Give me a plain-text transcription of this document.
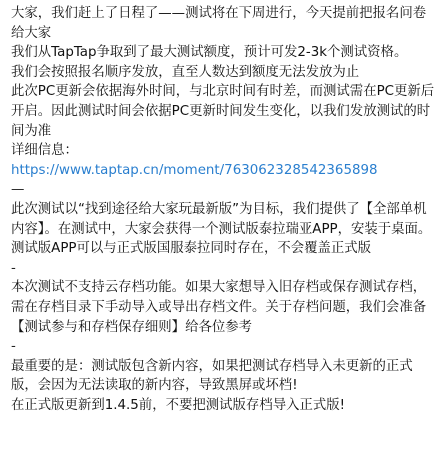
大家，我们赶上了日程了——测试将在下周进行，今天提前把报名问卷给大家

我们从TapTap争取到了最大测试额度，预计可发2-3k个测试资格。

我们会按照报名顺序发放，直至人数达到额度无法发放为止

此次PC更新会依据海外时间，与北京时间有时差，而测试需在PC更新后开启。因此测试时间会依据PC更新时间发生变化，以我们发放测试的时间为准

详细信息：

https://www.taptap.cn/moment/763062328542365898

—

此次测试以“找到途径给大家玩最新版”为目标，我们提供了【全部单机内容】。在测试中，大家会获得一个测试版泰拉瑞亚APP，安装于桌面。测试版APP可以与正式版国服泰拉同时存在，不会覆盖正式版

-

本次测试不支持云存档功能。如果大家想导入旧存档或保存测试存档，需在存档目录下手动导入或导出存档文件。关于存档问题，我们会准备【测试参与和存档保存细则】给各位参考

-

最重要的是：测试版包含新内容，如果把测试存档导入未更新的正式版，会因为无法读取的新内容，导致黑屏或坏档!

在正式版更新到1.4.5前，不要把测试版存档导入正式版!
